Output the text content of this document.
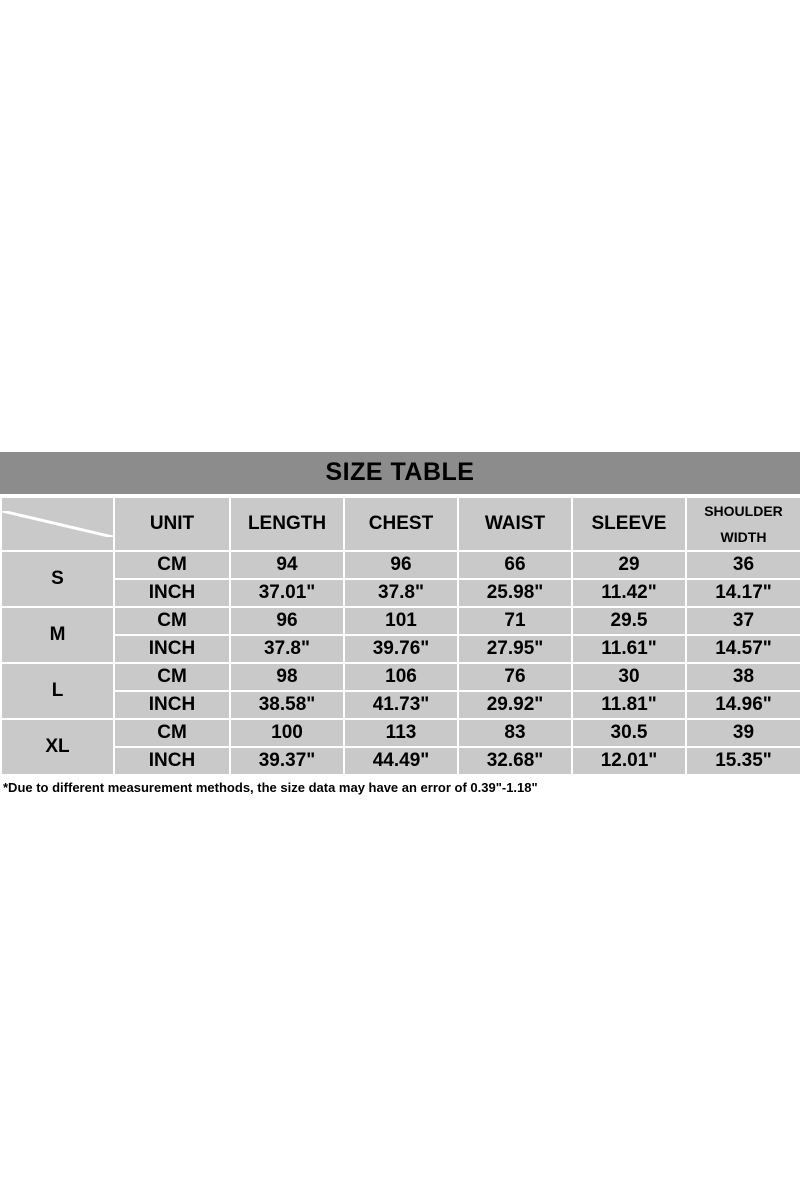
SIZE TABLE
	UNIT	LENGTH	CHEST	WAIST	SLEEVE	SHOULDER WIDTH
S	CM	94	96	66	29	36
	INCH	37.01"	37.8"	25.98"	11.42"	14.17"
M	CM	96	101	71	29.5	37
	INCH	37.8"	39.76"	27.95"	11.61"	14.57"
L	CM	98	106	76	30	38
	INCH	38.58"	41.73"	29.92"	11.81"	14.96"
XL	CM	100	113	83	30.5	39
	INCH	39.37"	44.49"	32.68"	12.01"	15.35"
*Due to different measurement methods, the size data may have an error of 0.39"-1.18"
